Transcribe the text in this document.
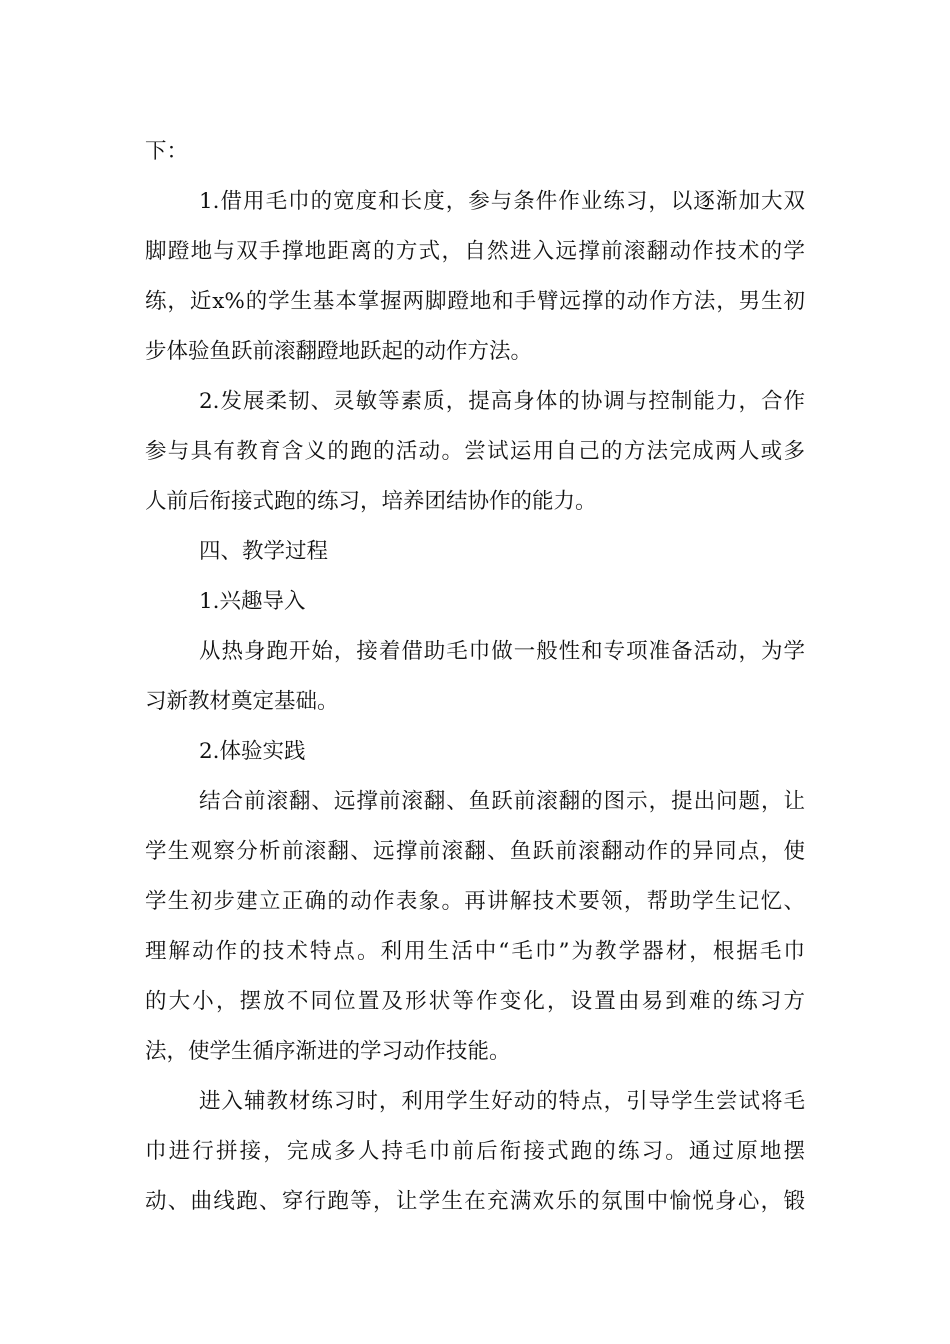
下：
1.借用毛巾的宽度和长度，参与条件作业练习，以逐渐加大双
脚蹬地与双手撑地距离的方式，自然进入远撑前滚翻动作技术的学
练，近x%的学生基本掌握两脚蹬地和手臂远撑的动作方法，男生初
步体验鱼跃前滚翻蹬地跃起的动作方法。
2.发展柔韧、灵敏等素质，提高身体的协调与控制能力，合作
参与具有教育含义的跑的活动。尝试运用自己的方法完成两人或多
人前后衔接式跑的练习，培养团结协作的能力。
四、教学过程
1.兴趣导入
从热身跑开始，接着借助毛巾做一般性和专项准备活动，为学
习新教材奠定基础。
2.体验实践
结合前滚翻、远撑前滚翻、鱼跃前滚翻的图示，提出问题，让
学生观察分析前滚翻、远撑前滚翻、鱼跃前滚翻动作的异同点，使
学生初步建立正确的动作表象。再讲解技术要领，帮助学生记忆、
理解动作的技术特点。利用生活中“毛巾”为教学器材，根据毛巾
的大小，摆放不同位置及形状等作变化，设置由易到难的练习方
法，使学生循序渐进的学习动作技能。
进入辅教材练习时，利用学生好动的特点，引导学生尝试将毛
巾进行拼接，完成多人持毛巾前后衔接式跑的练习。通过原地摆
动、曲线跑、穿行跑等，让学生在充满欢乐的氛围中愉悦身心，锻
